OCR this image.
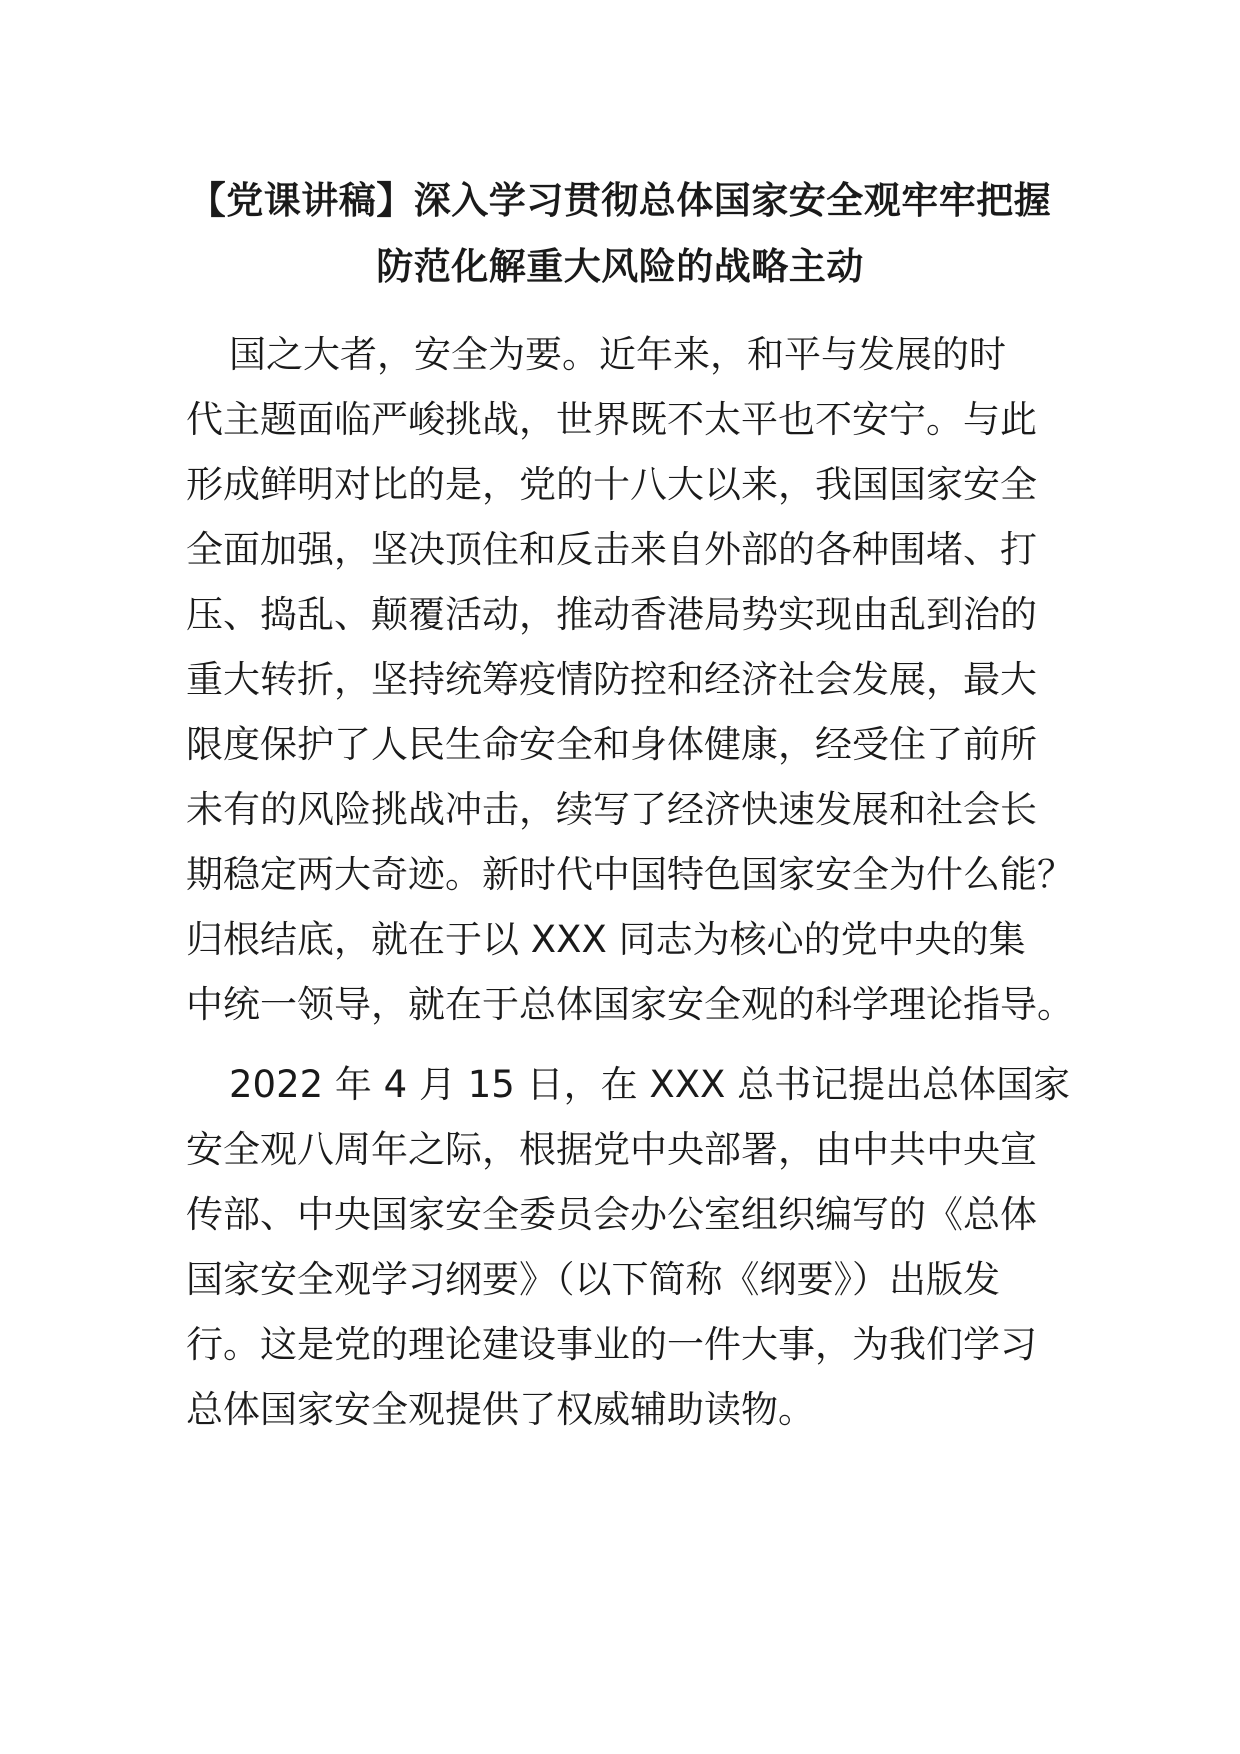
【党课讲稿】深入学习贯彻总体国家安全观牢牢把握
防范化解重大风险的战略主动
国之大者，安全为要。近年来，和平与发展的时
代主题面临严峻挑战，世界既不太平也不安宁。与此
形成鲜明对比的是，党的十八大以来，我国国家安全
全面加强，坚决顶住和反击来自外部的各种围堵、打
压、捣乱、颠覆活动，推动香港局势实现由乱到治的
重大转折，坚持统筹疫情防控和经济社会发展，最大
限度保护了人民生命安全和身体健康，经受住了前所
未有的风险挑战冲击，续写了经济快速发展和社会长
期稳定两大奇迹。新时代中国特色国家安全为什么能？
归根结底，就在于以 XXX 同志为核心的党中央的集
中统一领导，就在于总体国家安全观的科学理论指导。
2022 年 4 月 15 日，在 XXX 总书记提出总体国家
安全观八周年之际，根据党中央部署，由中共中央宣
传部、中央国家安全委员会办公室组织编写的《总体
国家安全观学习纲要》（以下简称《纲要》）出版发
行。这是党的理论建设事业的一件大事，为我们学习
总体国家安全观提供了权威辅助读物。
